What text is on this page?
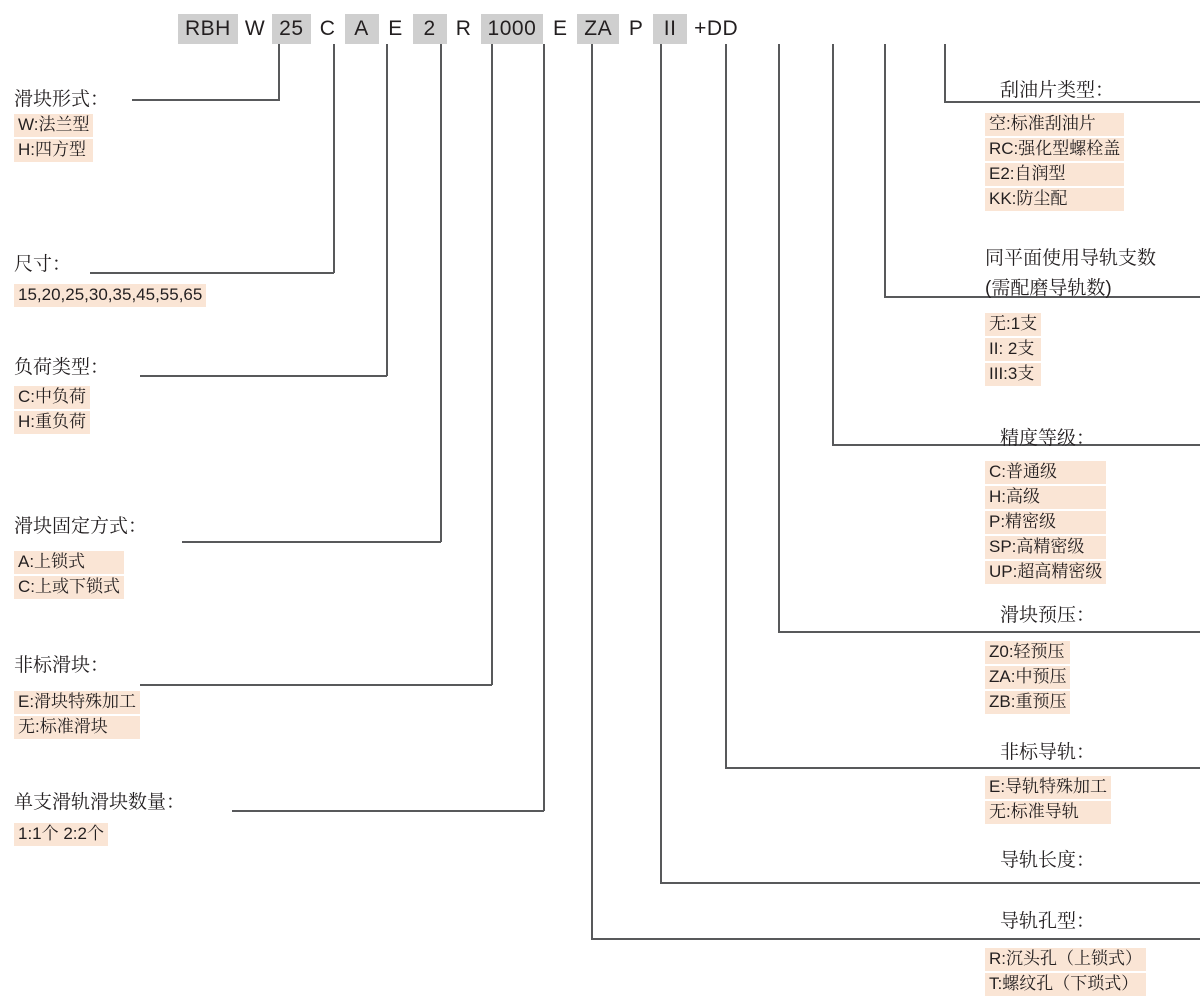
RBH W 25 C A E 2 R 1000 E ZA P II +DD
滑块形式：
W:法兰型
H:四方型
尺寸：
15,20,25,30,35,45,55,65
负荷类型：
C:中负荷
H:重负荷
滑块固定方式：
A:上锁式
C:上或下锁式
非标滑块：
E:滑块特殊加工
无:标准滑块
单支滑轨滑块数量：
1:1个 2:2个
刮油片类型：
空:标准刮油片
RC:强化型螺栓盖
E2:自润型
KK:防尘配
同平面使用导轨支数
(需配磨导轨数)
无:1支
II: 2支
III:3支
精度等级：
C:普通级
H:高级
P:精密级
SP:高精密级
UP:超高精密级
滑块预压：
Z0:轻预压
ZA:中预压
ZB:重预压
非标导轨：
E:导轨特殊加工
无:标准导轨
导轨长度：
导轨孔型：
R:沉头孔（上锁式）
T:螺纹孔（下琐式）
